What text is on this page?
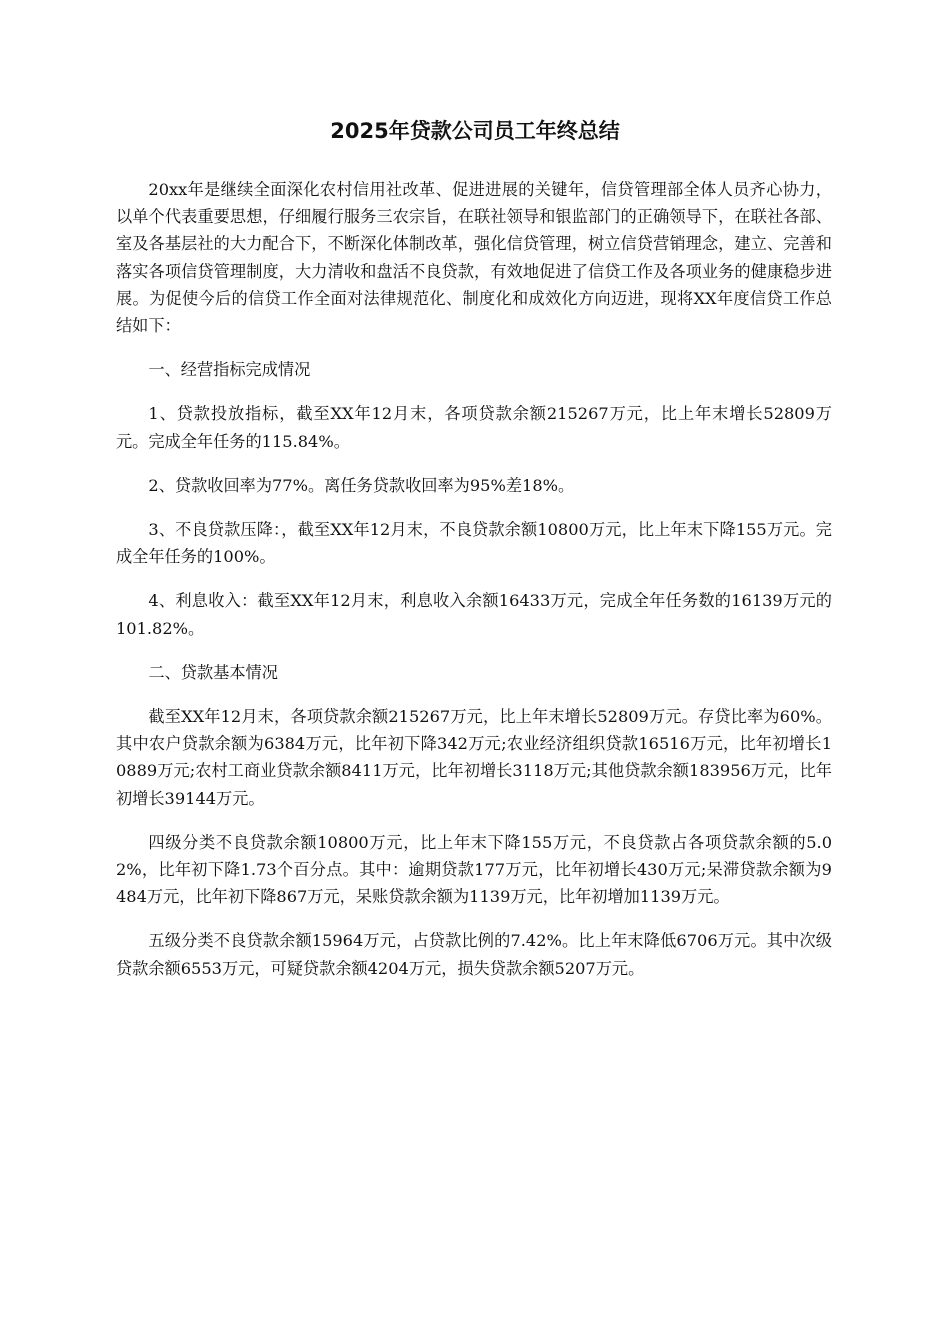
2025年贷款公司员工年终总结

20xx年是继续全面深化农村信用社改革、促进进展的关键年，信贷管理部全体人员齐心协力，以单个代表重要思想，仔细履行服务三农宗旨，在联社领导和银监部门的正确领导下，在联社各部、室及各基层社的大力配合下，不断深化体制改革，强化信贷管理，树立信贷营销理念，建立、完善和落实各项信贷管理制度，大力清收和盘活不良贷款，有效地促进了信贷工作及各项业务的健康稳步进展。为促使今后的信贷工作全面对法律规范化、制度化和成效化方向迈进，现将XX年度信贷工作总结如下：

一、经营指标完成情况

1、贷款投放指标，截至XX年12月末，各项贷款余额215267万元，比上年末增长52809万元。完成全年任务的115.84%。

2、贷款收回率为77%。离任务贷款收回率为95%差18%。

3、不良贷款压降：，截至XX年12月末，不良贷款余额10800万元，比上年末下降155万元。完成全年任务的100%。

4、利息收入：截至XX年12月末，利息收入余额16433万元，完成全年任务数的16139万元的101.82%。

二、贷款基本情况

截至XX年12月末，各项贷款余额215267万元，比上年末增长52809万元。存贷比率为60%。其中农户贷款余额为6384万元，比年初下降342万元;农业经济组织贷款16516万元，比年初增长10889万元;农村工商业贷款余额8411万元，比年初增长3118万元;其他贷款余额183956万元，比年初增长39144万元。

四级分类不良贷款余额10800万元，比上年末下降155万元，不良贷款占各项贷款余额的5.02%，比年初下降1.73个百分点。其中：逾期贷款177万元，比年初增长430万元;呆滞贷款余额为9484万元，比年初下降867万元，呆账贷款余额为1139万元，比年初增加1139万元。

五级分类不良贷款余额15964万元，占贷款比例的7.42%。比上年末降低6706万元。其中次级贷款余额6553万元，可疑贷款余额4204万元，损失贷款余额5207万元。
